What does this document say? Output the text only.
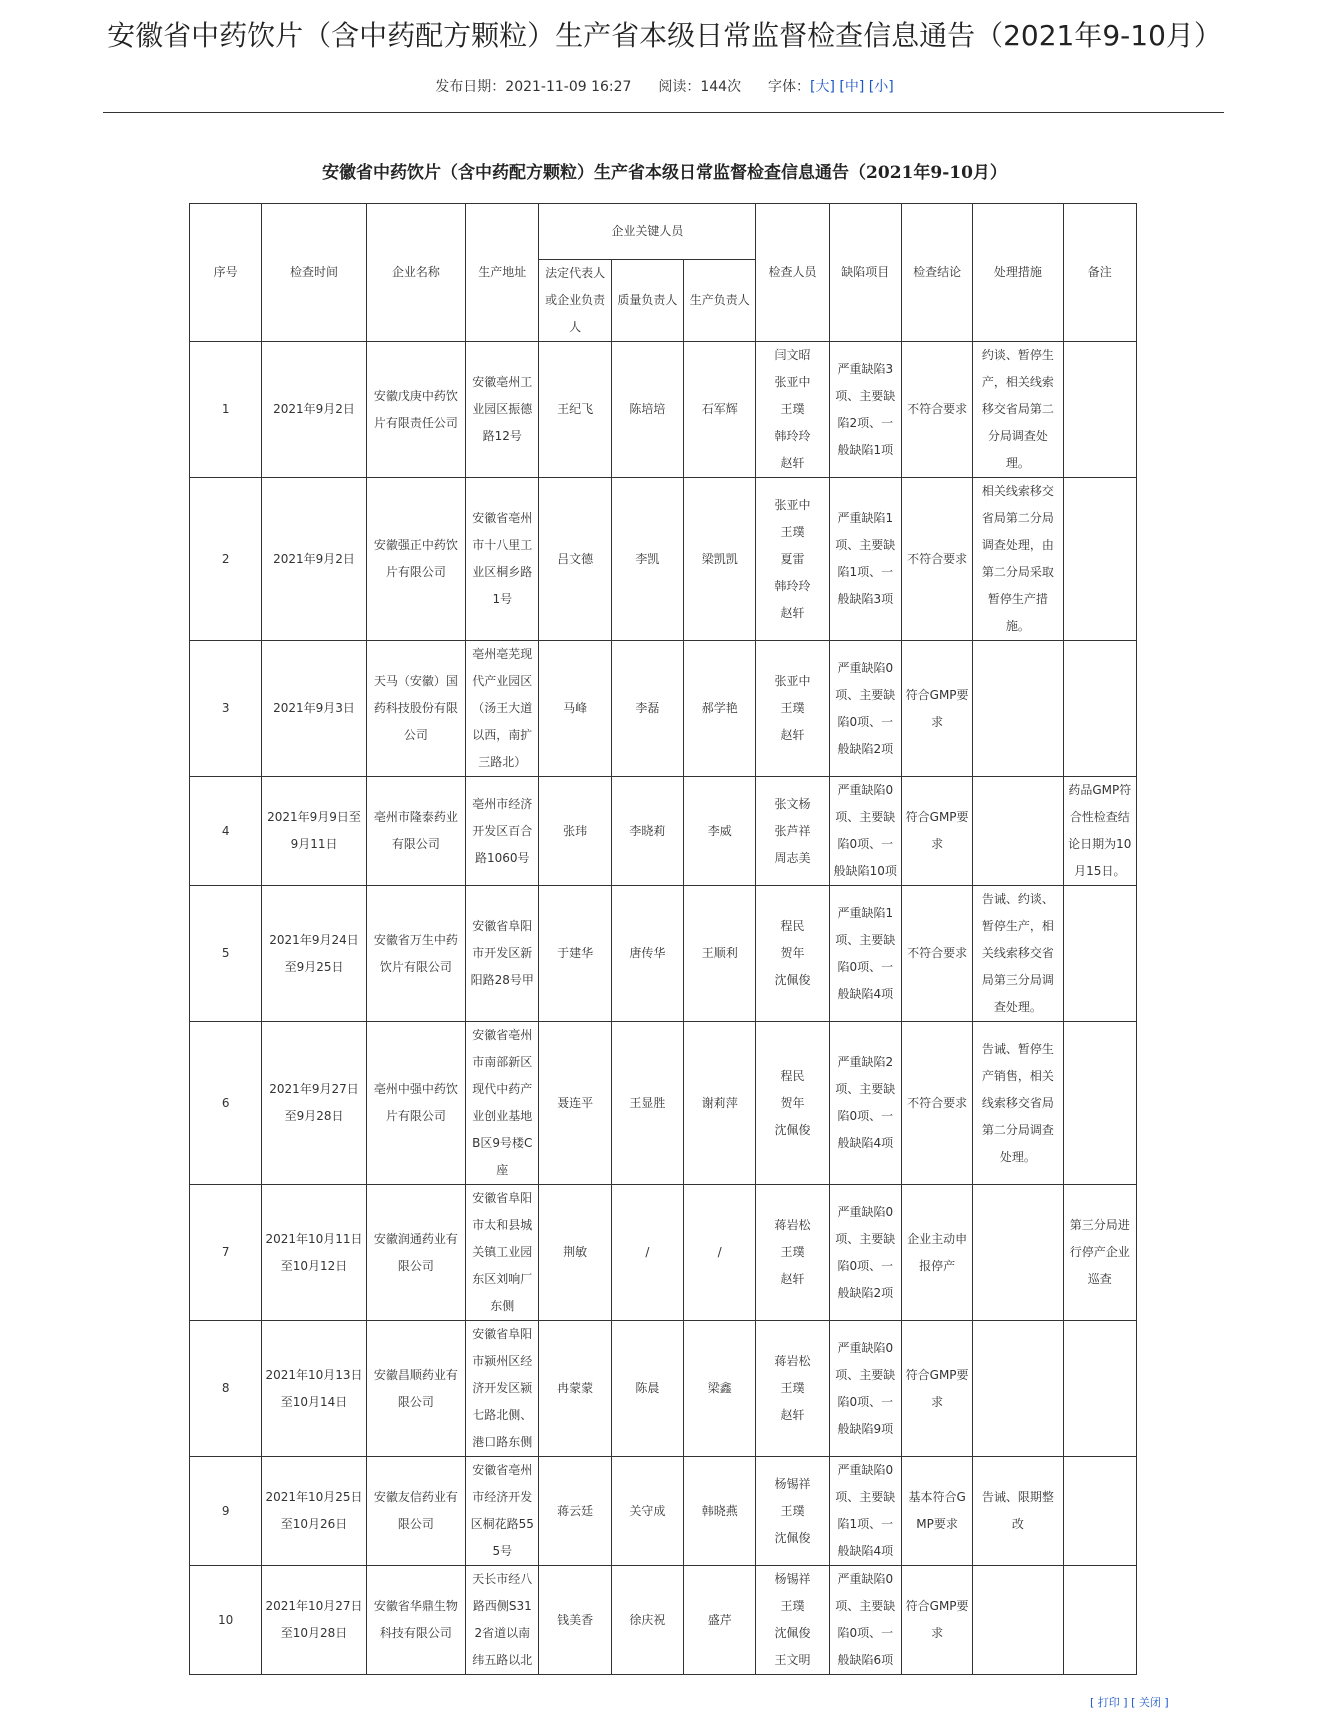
安徽省中药饮片（含中药配方颗粒）生产省本级日常监督检查信息通告（2021年9-10月）
发布日期：2021-11-09 16:27 阅读：144次 字体：[大] [中] [小]
安徽省中药饮片（含中药配方颗粒）生产省本级日常监督检查信息通告（2021年9-10月）
序号	检查时间	企业名称	生产地址	企业关键人员			检查人员	缺陷项目	检查结论	处理措施	备注
				法定代表人或企业负责人	质量负责人	生产负责人					
1	2021年9月2日	安徽戊庚中药饮片有限责任公司	安徽亳州工业园区振德路12号	王纪飞	陈培培	石军辉	闫文昭
张亚中
王璞
韩玲玲
赵轩	严重缺陷3项、主要缺陷2项、一般缺陷1项	不符合要求	约谈、暂停生产，相关线索移交省局第二分局调查处理。	
2	2021年9月2日	安徽强正中药饮片有限公司	安徽省亳州市十八里工业区桐乡路1号	吕文德	李凯	梁凯凯	张亚中
王璞
夏雷
韩玲玲
赵轩	严重缺陷1项、主要缺陷1项、一般缺陷3项	不符合要求	相关线索移交省局第二分局调查处理，由第二分局采取暂停生产措施。	
3	2021年9月3日	天马（安徽）国药科技股份有限公司	亳州亳芜现代产业园区（汤王大道以西，南扩三路北）	马峰	李磊	郝学艳	张亚中
王璞
赵轩	严重缺陷0项、主要缺陷0项、一般缺陷2项	符合GMP要求		
4	2021年9月9日至9月11日	亳州市隆泰药业有限公司	亳州市经济开发区百合路1060号	张玮	李晓莉	李威	张文杨
张芦祥
周志美	严重缺陷0项、主要缺陷0项、一般缺陷10项	符合GMP要求		药品GMP符合性检查结论日期为10月15日。
5	2021年9月24日至9月25日	安徽省万生中药饮片有限公司	安徽省阜阳市开发区新阳路28号甲	于建华	唐传华	王顺利	程民
贺年
沈佩俊	严重缺陷1项、主要缺陷0项、一般缺陷4项	不符合要求	告诫、约谈、暂停生产，相关线索移交省局第三分局调查处理。	
6	2021年9月27日至9月28日	亳州中强中药饮片有限公司	安徽省亳州市南部新区现代中药产业创业基地B区9号楼C座	聂连平	王显胜	谢莉萍	程民
贺年
沈佩俊	严重缺陷2项、主要缺陷0项、一般缺陷4项	不符合要求	告诫、暂停生产销售，相关线索移交省局第二分局调查处理。	
7	2021年10月11日至10月12日	安徽润通药业有限公司	安徽省阜阳市太和县城关镇工业园东区刘响厂东侧	荆敏	/	/	蒋岩松
王璞
赵轩	严重缺陷0项、主要缺陷0项、一般缺陷2项	企业主动申报停产		第三分局进行停产企业巡查
8	2021年10月13日至10月14日	安徽昌顺药业有限公司	安徽省阜阳市颍州区经济开发区颍七路北侧、港口路东侧	冉蒙蒙	陈晨	梁鑫	蒋岩松
王璞
赵轩	严重缺陷0项、主要缺陷0项、一般缺陷9项	符合GMP要求		
9	2021年10月25日至10月26日	安徽友信药业有限公司	安徽省亳州市经济开发区桐花路555号	蒋云廷	关守成	韩晓燕	杨锡祥
王璞
沈佩俊	严重缺陷0项、主要缺陷1项、一般缺陷4项	基本符合GMP要求	告诫、限期整改	
10	2021年10月27日至10月28日	安徽省华鼎生物科技有限公司	天长市经八路西侧S312省道以南纬五路以北	钱美香	徐庆祝	盛芹	杨锡祥
王璞
沈佩俊
王文明	严重缺陷0项、主要缺陷0项、一般缺陷6项	符合GMP要求		
[ 打印 ] [ 关闭 ]
